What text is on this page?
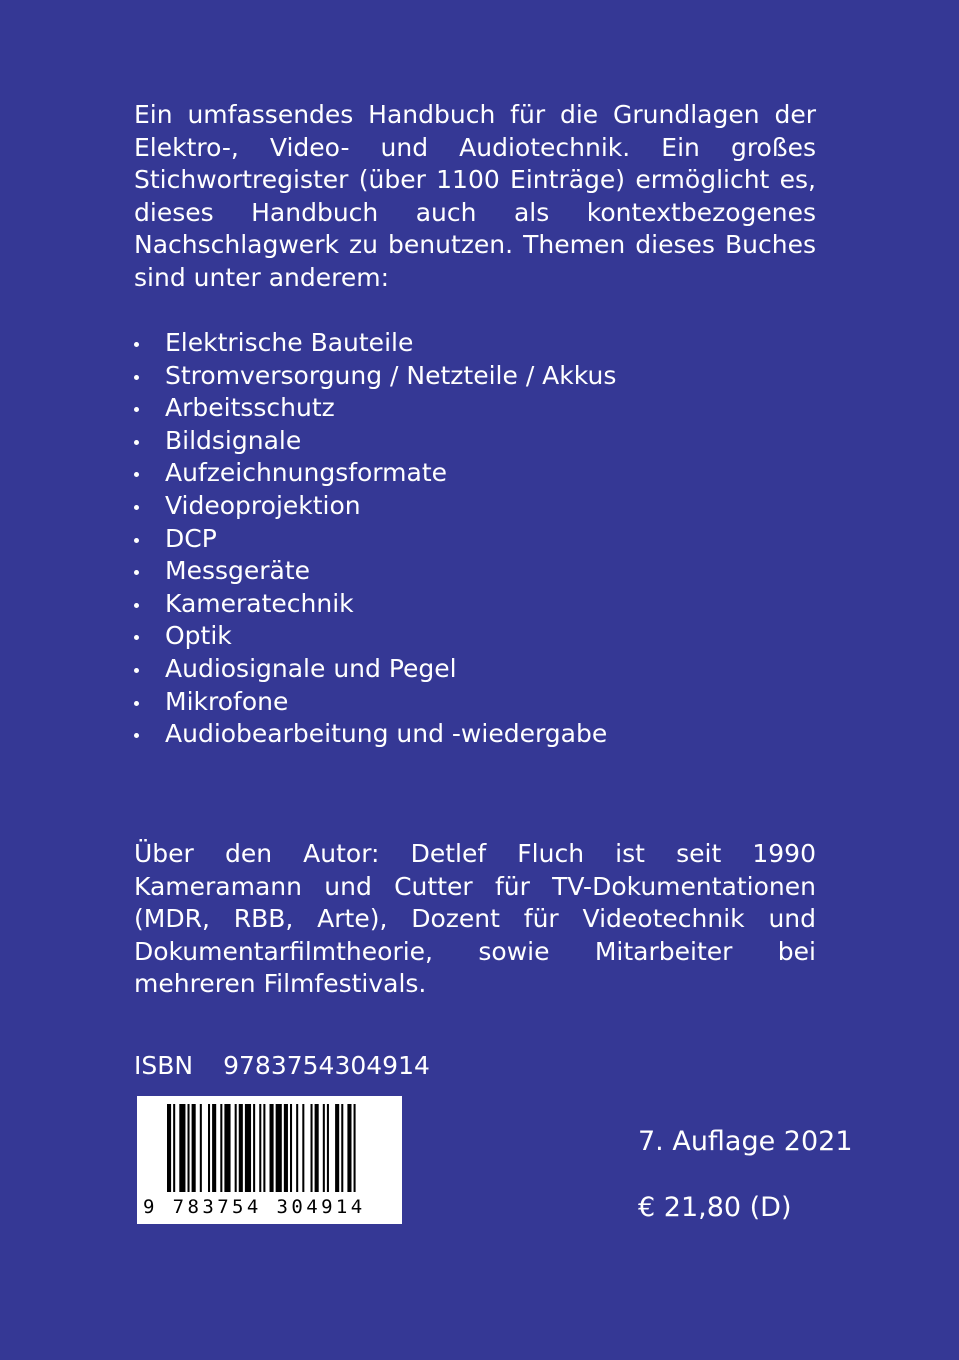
Ein umfassendes Handbuch für die Grundlagen der Elektro-, Video- und Audiotechnik. Ein großes Stichwortregister (über 1100 Einträge) ermöglicht es, dieses Handbuch auch als kontextbezogenes Nachschlagwerk zu benutzen. Themen dieses Buches sind unter anderem:

Elektrische Bauteile
Stromversorgung / Netzteile / Akkus
Arbeitsschutz
Bildsignale
Aufzeichnungsformate
Videoprojektion
DCP
Messgeräte
Kameratechnik
Optik
Audiosignale und Pegel
Mikrofone
Audiobearbeitung und -wiedergabe

Über den Autor: Detlef Fluch ist seit 1990 Kameramann und Cutter für TV-Dokumentationen (MDR, RBB, Arte), Dozent für Videotechnik und Dokumentarfilmtheorie, sowie Mitarbeiter bei mehreren Filmfestivals.

ISBN 9783754304914
9 783754 304914
7. Auflage 2021
€ 21,80 (D)
